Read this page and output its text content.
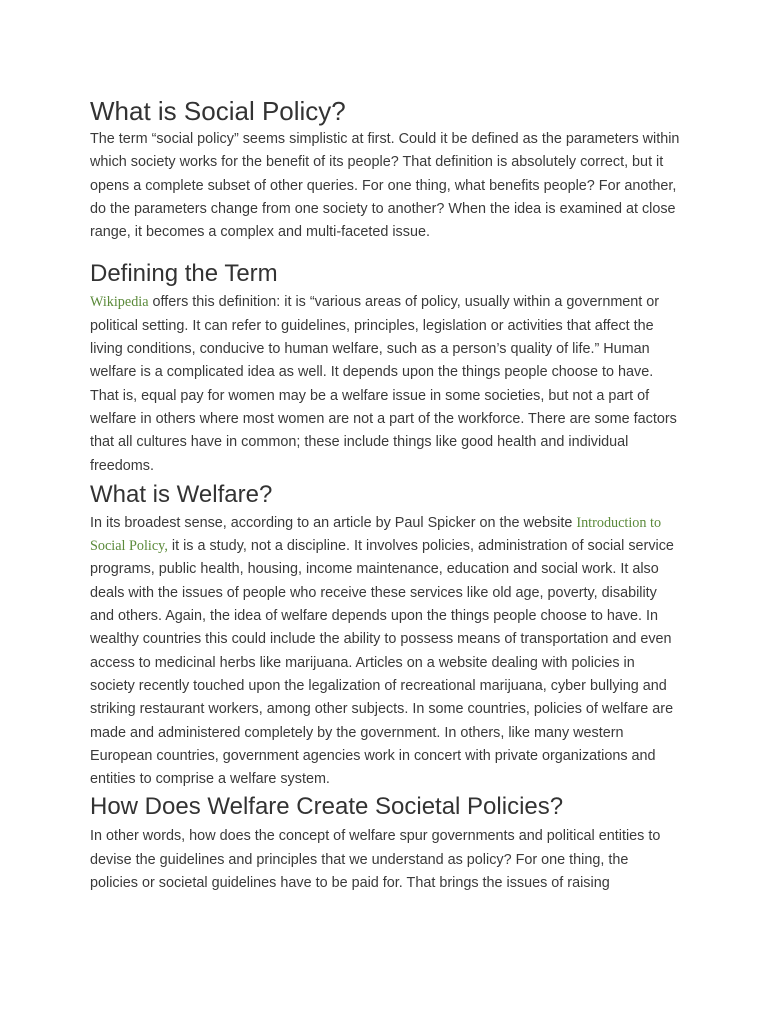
What is Social Policy?

The term “social policy” seems simplistic at first. Could it be defined as the parameters within which society works for the benefit of its people? That definition is absolutely correct, but it opens a complete subset of other queries. For one thing, what benefits people? For another, do the parameters change from one society to another? When the idea is examined at close range, it becomes a complex and multi-faceted issue.

Defining the Term

Wikipedia offers this definition: it is “various areas of policy, usually within a government or political setting. It can refer to guidelines, principles, legislation or activities that affect the living conditions, conducive to human welfare, such as a person’s quality of life.” Human welfare is a complicated idea as well. It depends upon the things people choose to have. That is, equal pay for women may be a welfare issue in some societies, but not a part of welfare in others where most women are not a part of the workforce. There are some factors that all cultures have in common; these include things like good health and individual freedoms.

What is Welfare?

In its broadest sense, according to an article by Paul Spicker on the website Introduction to Social Policy, it is a study, not a discipline. It involves policies, administration of social service programs, public health, housing, income maintenance, education and social work. It also deals with the issues of people who receive these services like old age, poverty, disability and others. Again, the idea of welfare depends upon the things people choose to have. In wealthy countries this could include the ability to possess means of transportation and even access to medicinal herbs like marijuana. Articles on a website dealing with policies in society recently touched upon the legalization of recreational marijuana, cyber bullying and striking restaurant workers, among other subjects. In some countries, policies of welfare are made and administered completely by the government. In others, like many western European countries, government agencies work in concert with private organizations and entities to comprise a welfare system.

How Does Welfare Create Societal Policies?

In other words, how does the concept of welfare spur governments and political entities to devise the guidelines and principles that we understand as policy? For one thing, the policies or societal guidelines have to be paid for. That brings the issues of raising
